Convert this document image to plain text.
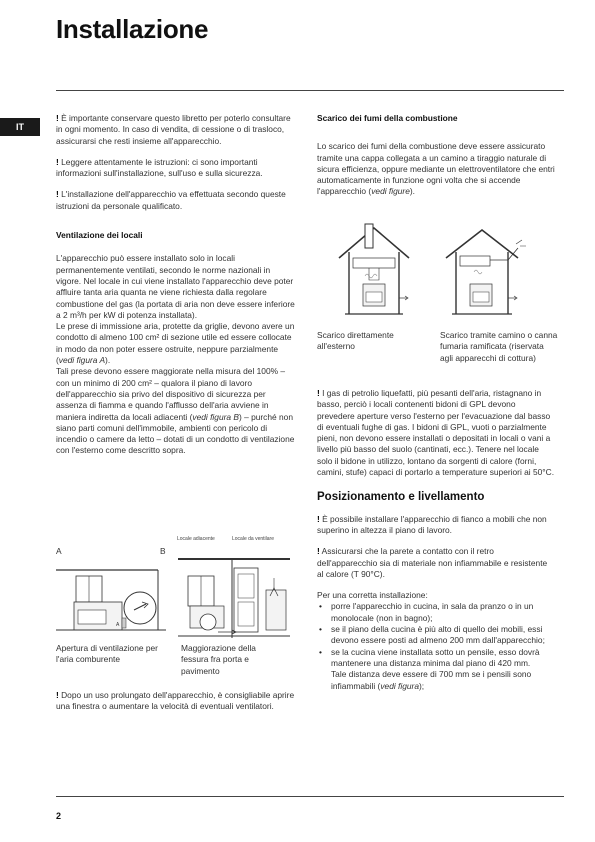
Installazione
IT

! È importante conservare questo libretto per poterlo consultare in ogni momento. In caso di vendita, di cessione o di trasloco, assicurarsi che resti insieme all'apparecchio.

! Leggere attentamente le istruzioni: ci sono importanti informazioni sull'installazione, sull'uso e sulla sicurezza.

! L'installazione dell'apparecchio va effettuata secondo queste istruzioni da personale qualificato.

Ventilazione dei locali

L'apparecchio può essere installato solo in locali permanentemente ventilati, secondo le norme nazionali in vigore. Nel locale in cui viene installato l'apparecchio deve poter affluire tanta aria quanta ne viene richiesta dalla regolare combustione del gas (la portata di aria non deve essere inferiore a 2 m³/h per kW di potenza installata).

Le prese di immissione aria, protette da griglie, devono avere un condotto di almeno 100 cm² di sezione utile ed essere collocate in modo da non poter essere ostruite, neppure parzialmente (vedi figura A).

Tali prese devono essere maggiorate nella misura del 100% – con un minimo di 200 cm² – qualora il piano di lavoro dell'apparecchio sia privo del dispositivo di sicurezza per assenza di fiamma e quando l'afflusso dell'aria avviene in maniera indiretta da locali adiacenti (vedi figura B) – purché non siano parti comuni dell'immobile, ambienti con pericolo di incendio o camere da letto – dotati di un condotto di ventilazione con l'esterno come descritto sopra.

A	B
Locale adiacente	Locale da ventilare
A
Apertura di ventilazione per l'aria comburente
Maggiorazione della fessura fra porta e pavimento

! Dopo un uso prolungato dell'apparecchio, è consigliabile aprire una finestra o aumentare la velocità di eventuali ventilatori.

Scarico dei fumi della combustione

Lo scarico dei fumi della combustione deve essere assicurato tramite una cappa collegata a un camino a tiraggio naturale di sicura efficienza, oppure mediante un elettroventilatore che entri automaticamente in funzione ogni volta che si accende l'apparecchio (vedi figure).

Scarico direttamente all'esterno
Scarico tramite camino o canna fumaria ramificata (riservata agli apparecchi di cottura)

! I gas di petrolio liquefatti, più pesanti dell'aria, ristagnano in basso, perciò i locali contenenti bidoni di GPL devono prevedere aperture verso l'esterno per l'evacuazione dal basso di eventuali fughe di gas. I bidoni di GPL, vuoti o parzialmente pieni, non devono essere installati o depositati in locali o vani a livello più basso del suolo (cantinati, ecc.). Tenere nel locale solo il bidone in utilizzo, lontano da sorgenti di calore (forni, camini, stufe) capaci di portarlo a temperature superiori ai 50°C.

Posizionamento e livellamento

! È possibile installare l'apparecchio di fianco a mobili che non superino in altezza il piano di lavoro.

! Assicurarsi che la parete a contatto con il retro dell'apparecchio sia di materiale non infiammabile e resistente al calore (T 90°C).

Per una corretta installazione:

• porre l'apparecchio in cucina, in sala da pranzo o in un monolocale (non in bagno);
• se il piano della cucina è più alto di quello dei mobili, essi devono essere posti ad almeno 200 mm dall'apparecchio;
• se la cucina viene installata sotto un pensile, esso dovrà mantenere una distanza minima dal piano di 420 mm.
Tale distanza deve essere di 700 mm se i pensili sono infiammabili (vedi figura);
2
